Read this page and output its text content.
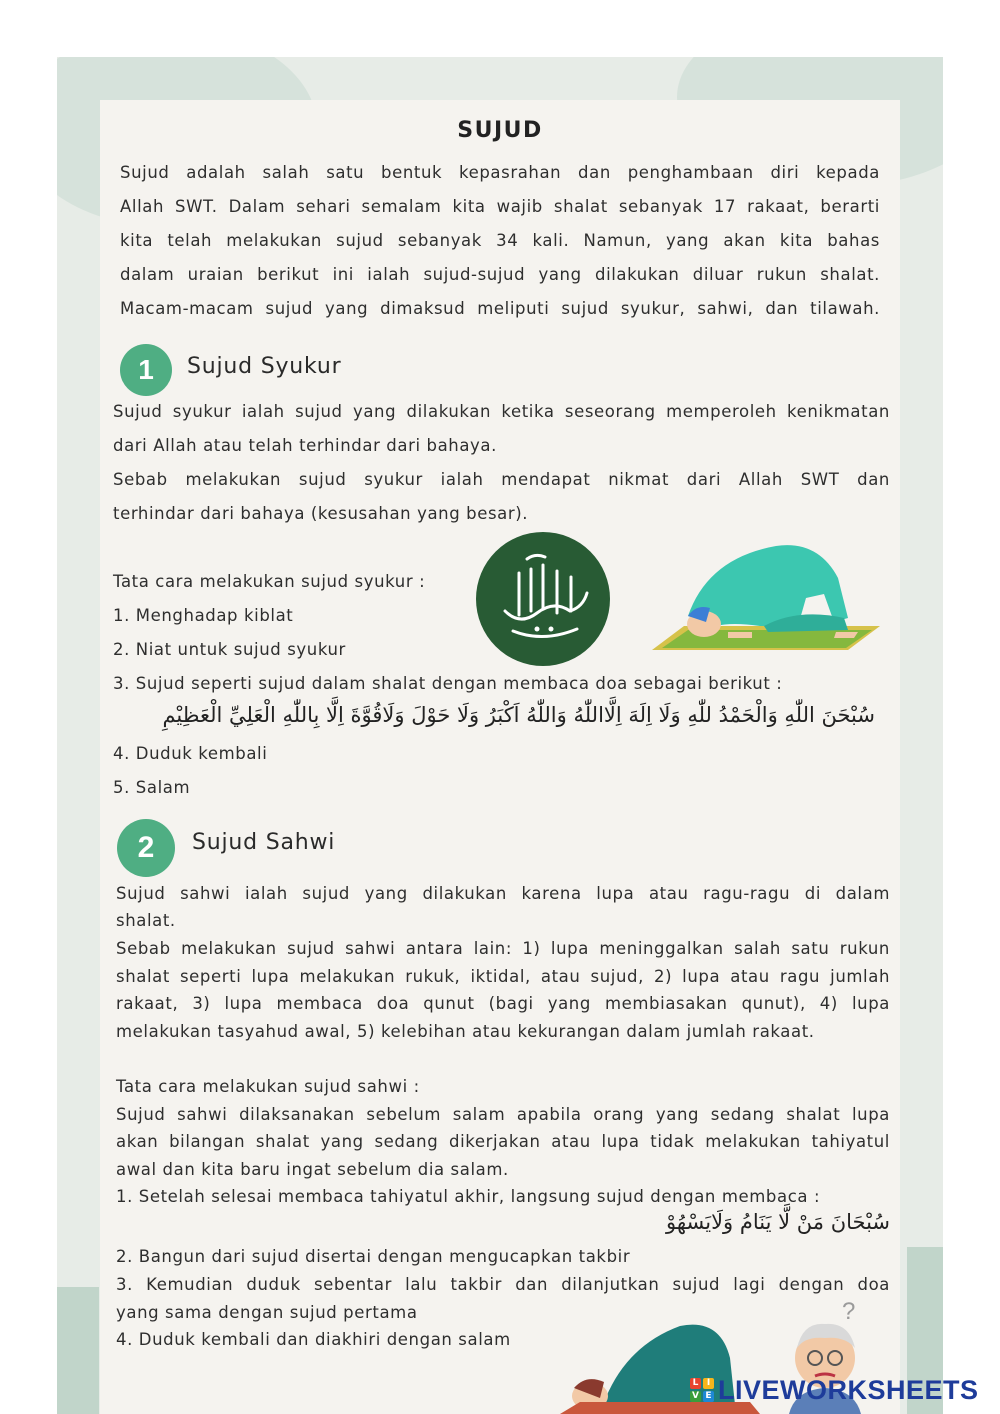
SUJUD

Sujud adalah salah satu bentuk kepasrahan dan penghambaan diri kepada

Allah SWT. Dalam sehari semalam kita wajib shalat sebanyak 17 rakaat, berarti

kita telah melakukan sujud sebanyak 34 kali. Namun, yang akan kita bahas

dalam uraian berikut ini ialah sujud-sujud yang dilakukan diluar rukun shalat.

Macam-macam sujud yang dimaksud meliputi sujud syukur, sahwi, dan tilawah.

1	Sujud Syukur

Sujud syukur ialah sujud yang dilakukan ketika seseorang memperoleh kenikmatan

dari Allah atau telah terhindar dari bahaya.

Sebab melakukan sujud syukur ialah mendapat nikmat dari Allah SWT dan

terhindar dari bahaya (kesusahan yang besar).

Tata cara melakukan sujud syukur :

1. Menghadap kiblat

2. Niat untuk sujud syukur

3. Sujud seperti sujud dalam shalat dengan membaca doa sebagai berikut :

سُبْحَنَ اللّٰهِ وَالْحَمْدُ للّٰهِ وَلَا اِلَهَ اِلَّااللّٰهُ وَاللّٰهُ اَكْبَرُ وَلَا حَوْلَ وَلَاقُوَّةَ اِلَّا بِاللّٰهِ الْعَلِيِّ الْعَظِيْمِ

4. Duduk kembali

5. Salam

2	Sujud Sahwi

Sujud sahwi ialah sujud yang dilakukan karena lupa atau ragu-ragu di dalam

shalat.

Sebab melakukan sujud sahwi antara lain: 1) lupa meninggalkan salah satu rukun

shalat seperti lupa melakukan rukuk, iktidal, atau sujud, 2) lupa atau ragu jumlah

rakaat, 3) lupa membaca doa qunut (bagi yang membiasakan qunut), 4) lupa

melakukan tasyahud awal, 5) kelebihan atau kekurangan dalam jumlah rakaat.

Tata cara melakukan sujud sahwi :

Sujud sahwi dilaksanakan sebelum salam apabila orang yang sedang shalat lupa

akan bilangan shalat yang sedang dikerjakan atau lupa tidak melakukan tahiyatul

awal dan kita baru ingat sebelum dia salam.

1. Setelah selesai membaca tahiyatul akhir, langsung sujud dengan membaca :

سُبْحَانَ مَنْ لَّا يَنَامُ وَلَايَسْهُوْ

2. Bangun dari sujud disertai dengan mengucapkan takbir

3. Kemudian duduk sebentar lalu takbir dan dilanjutkan sujud lagi dengan doa

yang sama dengan sujud pertama

4. Duduk kembali dan diakhiri dengan salam

?
L I
V E LIVEWORKSHEETS
